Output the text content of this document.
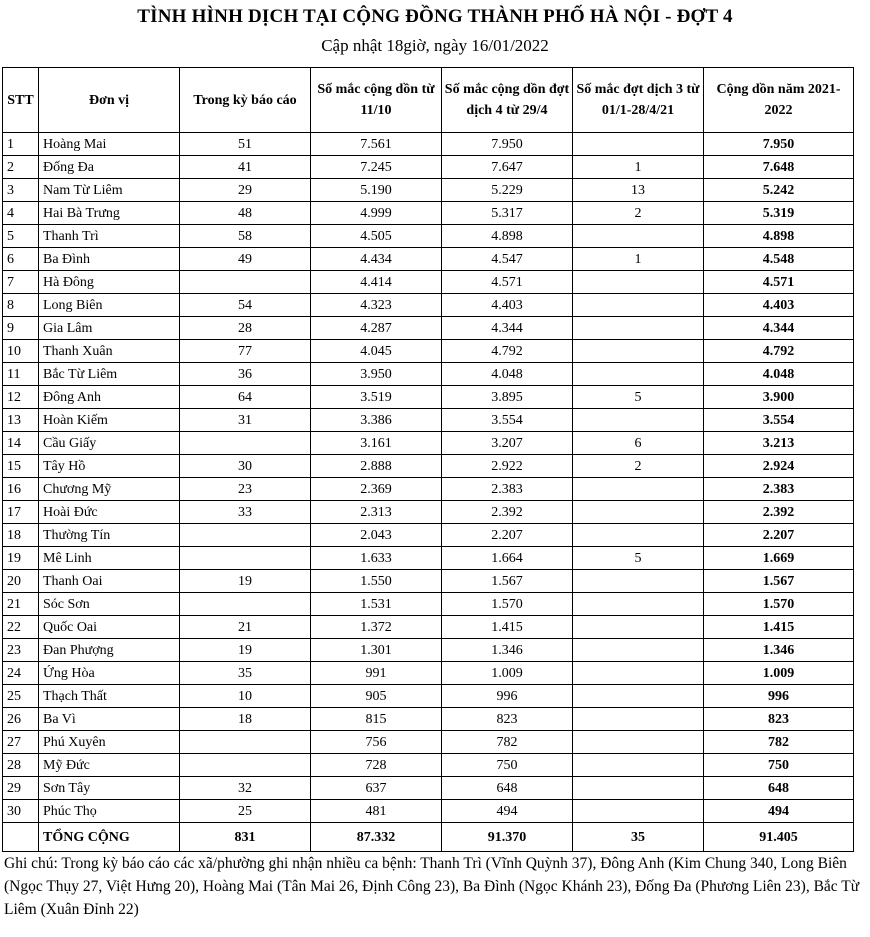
TÌNH HÌNH DỊCH TẠI CỘNG ĐỒNG THÀNH PHỐ HÀ NỘI - ĐỢT 4
Cập nhật 18giờ, ngày 16/01/2022
STT	Đơn vị	Trong kỳ báo cáo	Số mắc cộng dồn từ 11/10	Số mắc cộng dồn đợt dịch 4 từ 29/4	Số mắc đợt dịch 3 từ 01/1-28/4/21	Cộng dồn năm 2021-2022
1	Hoàng Mai	51	7.561	7.950		7.950
2	Đống Đa	41	7.245	7.647	1	7.648
3	Nam Từ Liêm	29	5.190	5.229	13	5.242
4	Hai Bà Trưng	48	4.999	5.317	2	5.319
5	Thanh Trì	58	4.505	4.898		4.898
6	Ba Đình	49	4.434	4.547	1	4.548
7	Hà Đông		4.414	4.571		4.571
8	Long Biên	54	4.323	4.403		4.403
9	Gia Lâm	28	4.287	4.344		4.344
10	Thanh Xuân	77	4.045	4.792		4.792
11	Bắc Từ Liêm	36	3.950	4.048		4.048
12	Đông Anh	64	3.519	3.895	5	3.900
13	Hoàn Kiếm	31	3.386	3.554		3.554
14	Cầu Giấy		3.161	3.207	6	3.213
15	Tây Hồ	30	2.888	2.922	2	2.924
16	Chương Mỹ	23	2.369	2.383		2.383
17	Hoài Đức	33	2.313	2.392		2.392
18	Thường Tín		2.043	2.207		2.207
19	Mê Linh		1.633	1.664	5	1.669
20	Thanh Oai	19	1.550	1.567		1.567
21	Sóc Sơn		1.531	1.570		1.570
22	Quốc Oai	21	1.372	1.415		1.415
23	Đan Phượng	19	1.301	1.346		1.346
24	Ứng Hòa	35	991	1.009		1.009
25	Thạch Thất	10	905	996		996
26	Ba Vì	18	815	823		823
27	Phú Xuyên		756	782		782
28	Mỹ Đức		728	750		750
29	Sơn Tây	32	637	648		648
30	Phúc Thọ	25	481	494		494
	TỔNG CỘNG	831	87.332	91.370	35	91.405
Ghi chú: Trong kỳ báo cáo các xã/phường ghi nhận nhiều ca bệnh: Thanh Trì (Vĩnh Quỳnh 37), Đông Anh (Kim Chung 340, Long Biên (Ngọc Thụy 27, Việt Hưng 20), Hoàng Mai (Tân Mai 26, Định Công 23), Ba Đình (Ngọc Khánh 23), Đống Đa (Phương Liên 23), Bắc Từ Liêm (Xuân Đỉnh 22)
